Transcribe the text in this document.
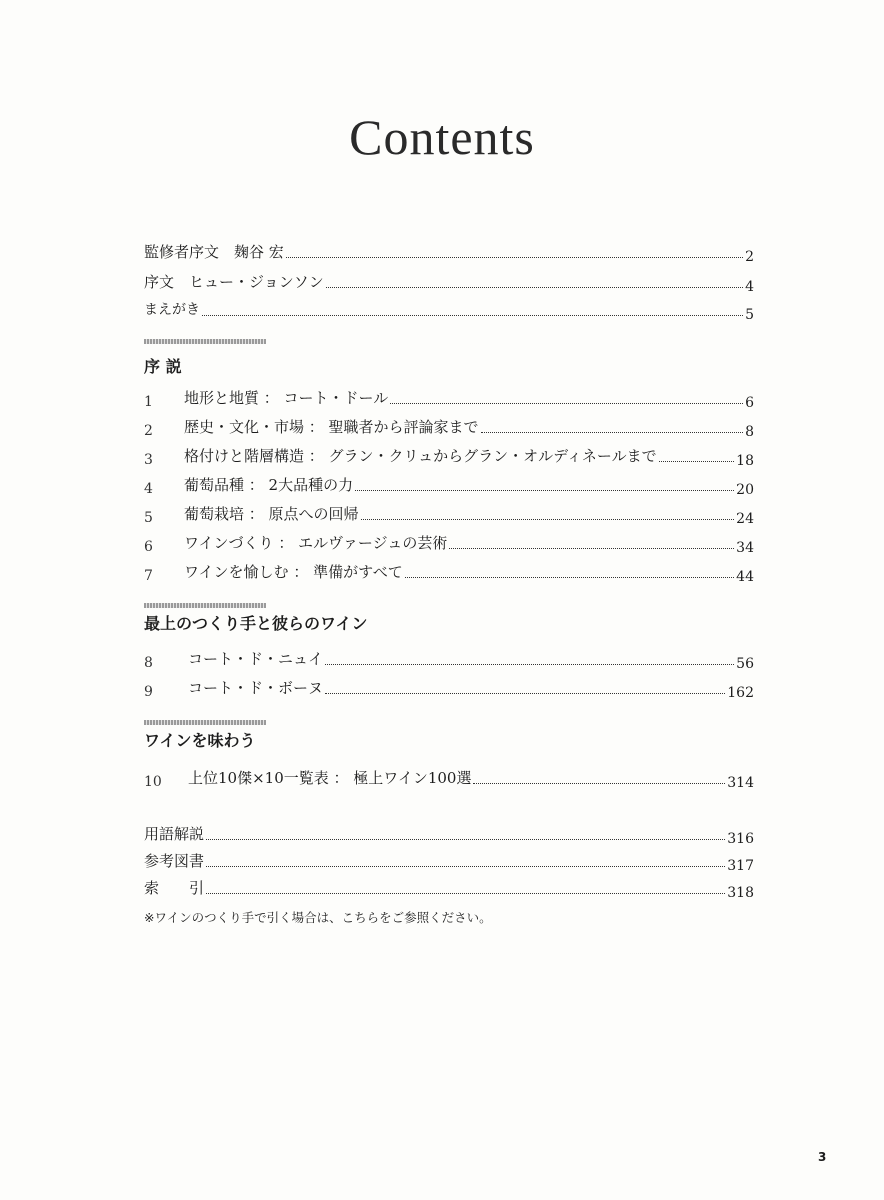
Contents
監修者序文　麹谷 宏	2
序文　ヒュー・ジョンソン	4
まえがき	5
序 説
1	地形と地質 ： コート・ドール	6
2	歴史・文化・市場 ： 聖職者から評論家まで	8
3	格付けと階層構造 ： グラン・クリュからグラン・オルディネールまで	18
4	葡萄品種 ： 2大品種の力	20
5	葡萄栽培 ： 原点への回帰	24
6	ワインづくり ： エルヴァージュの芸術	34
7	ワインを愉しむ ： 準備がすべて	44
最上のつくり手と彼らのワイン
8	コート・ド・ニュイ	56
9	コート・ド・ボーヌ	162
ワインを味わう
10	上位10傑×10一覧表 ： 極上ワイン100選	314
用語解説	316
参考図書	317
索　　引	318
※ワインのつくり手で引く場合は、こちらをご参照ください。
3
